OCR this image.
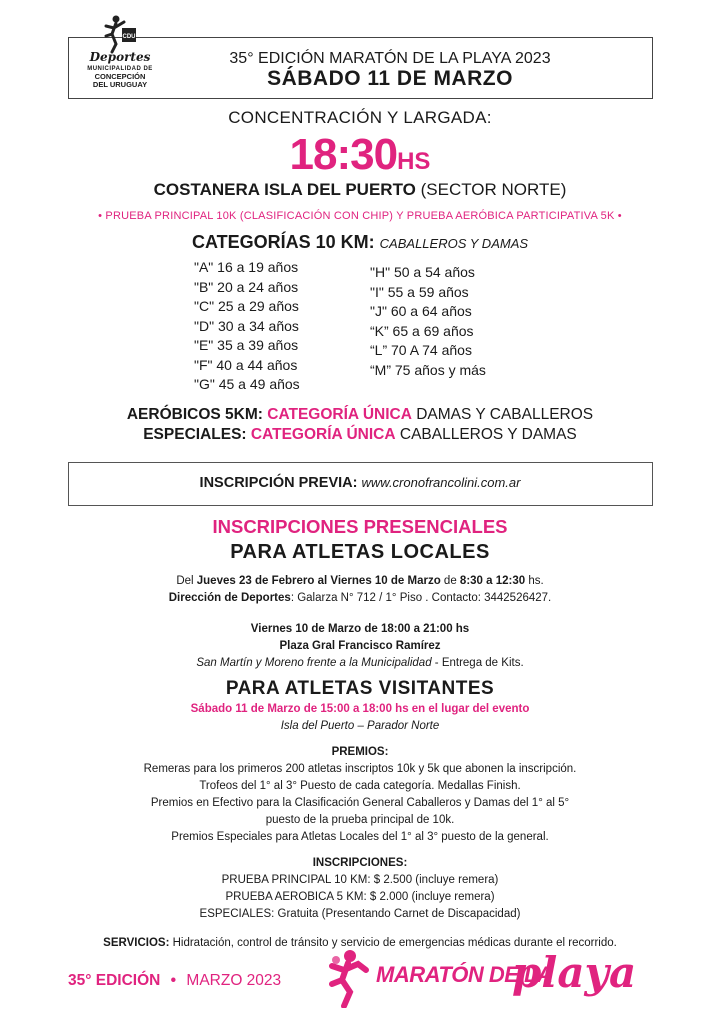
CDU
Deportes
MUNICIPALIDAD DE
CONCEPCIÓN
DEL URUGUAY
35° EDICIÓN MARATÓN DE LA PLAYA 2023
SÁBADO 11 DE MARZO
CONCENTRACIÓN Y LARGADA:
18:30HS
COSTANERA ISLA DEL PUERTO (SECTOR NORTE)
• PRUEBA PRINCIPAL 10K (CLASIFICACIÓN CON CHIP) Y PRUEBA AERÓBICA PARTICIPATIVA 5K •
CATEGORÍAS 10 KM: CABALLEROS Y DAMAS
"A" 16 a 19 años
"B" 20 a 24 años
"C" 25 a 29 años
"D" 30 a 34 años
"E" 35 a 39 años
"F" 40 a 44 años
"G" 45 a 49 años
"H" 50 a 54 años
"I" 55 a 59 años
"J" 60 a 64 años
“K” 65 a 69 años
“L” 70 A 74 años
“M” 75 años y más
AERÓBICOS 5KM: CATEGORÍA ÚNICA DAMAS Y CABALLEROS
ESPECIALES: CATEGORÍA ÚNICA CABALLEROS Y DAMAS
INSCRIPCIÓN PREVIA: www.cronofrancolini.com.ar
INSCRIPCIONES PRESENCIALES
PARA ATLETAS LOCALES
Del Jueves 23 de Febrero al Viernes 10 de Marzo de 8:30 a 12:30 hs.
Dirección de Deportes: Galarza N° 712 / 1° Piso . Contacto: 3442526427.
Viernes 10 de Marzo de 18:00 a 21:00 hs
Plaza Gral Francisco Ramírez
San Martín y Moreno frente a la Municipalidad - Entrega de Kits.
PARA ATLETAS VISITANTES
Sábado 11 de Marzo de 15:00 a 18:00 hs en el lugar del evento
Isla del Puerto – Parador Norte
PREMIOS:
Remeras para los primeros 200 atletas inscriptos 10k y 5k que abonen la inscripción.
Trofeos del 1° al 3° Puesto de cada categoría. Medallas Finish.
Premios en Efectivo para la Clasificación General Caballeros y Damas del 1° al 5°
puesto de la prueba principal de 10k.
Premios Especiales para Atletas Locales del 1° al 3° puesto de la general.
INSCRIPCIONES:
PRUEBA PRINCIPAL 10 KM: $ 2.500 (incluye remera)
PRUEBA AEROBICA 5 KM: $ 2.000 (incluye remera)
ESPECIALES: Gratuita (Presentando Carnet de Discapacidad)
SERVICIOS: Hidratación, control de tránsito y servicio de emergencias médicas durante el recorrido.
35° EDICIÓN • MARZO 2023	MARATÓN DE LA
playa
